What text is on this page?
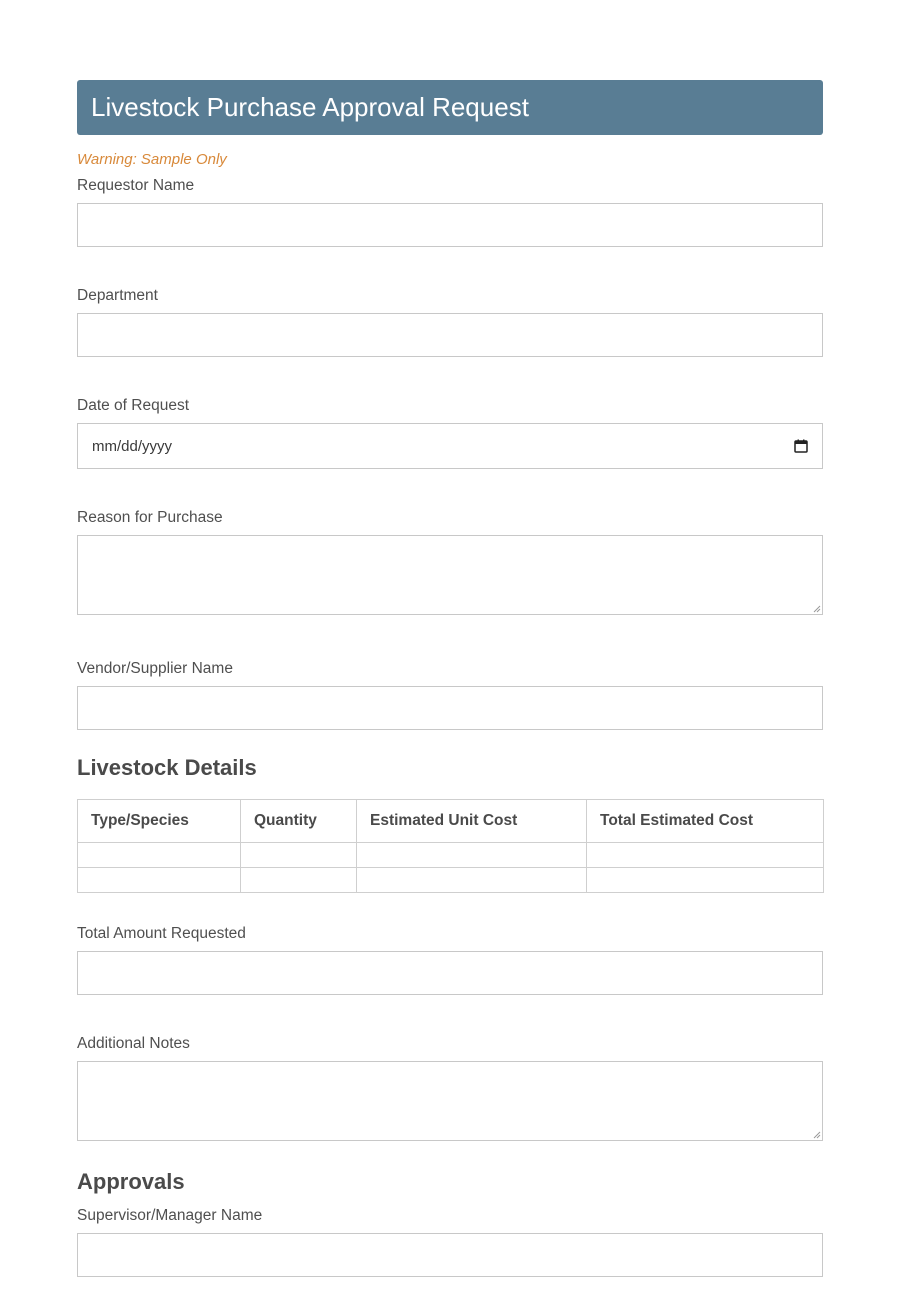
Livestock Purchase Approval Request
Warning: Sample Only
Requestor Name
Department
Date of Request
mm/dd/yyyy
Reason for Purchase
Vendor/Supplier Name
Livestock Details
Type/Species	Quantity	Estimated Unit Cost	Total Estimated Cost

Total Amount Requested
Additional Notes
Approvals
Supervisor/Manager Name
